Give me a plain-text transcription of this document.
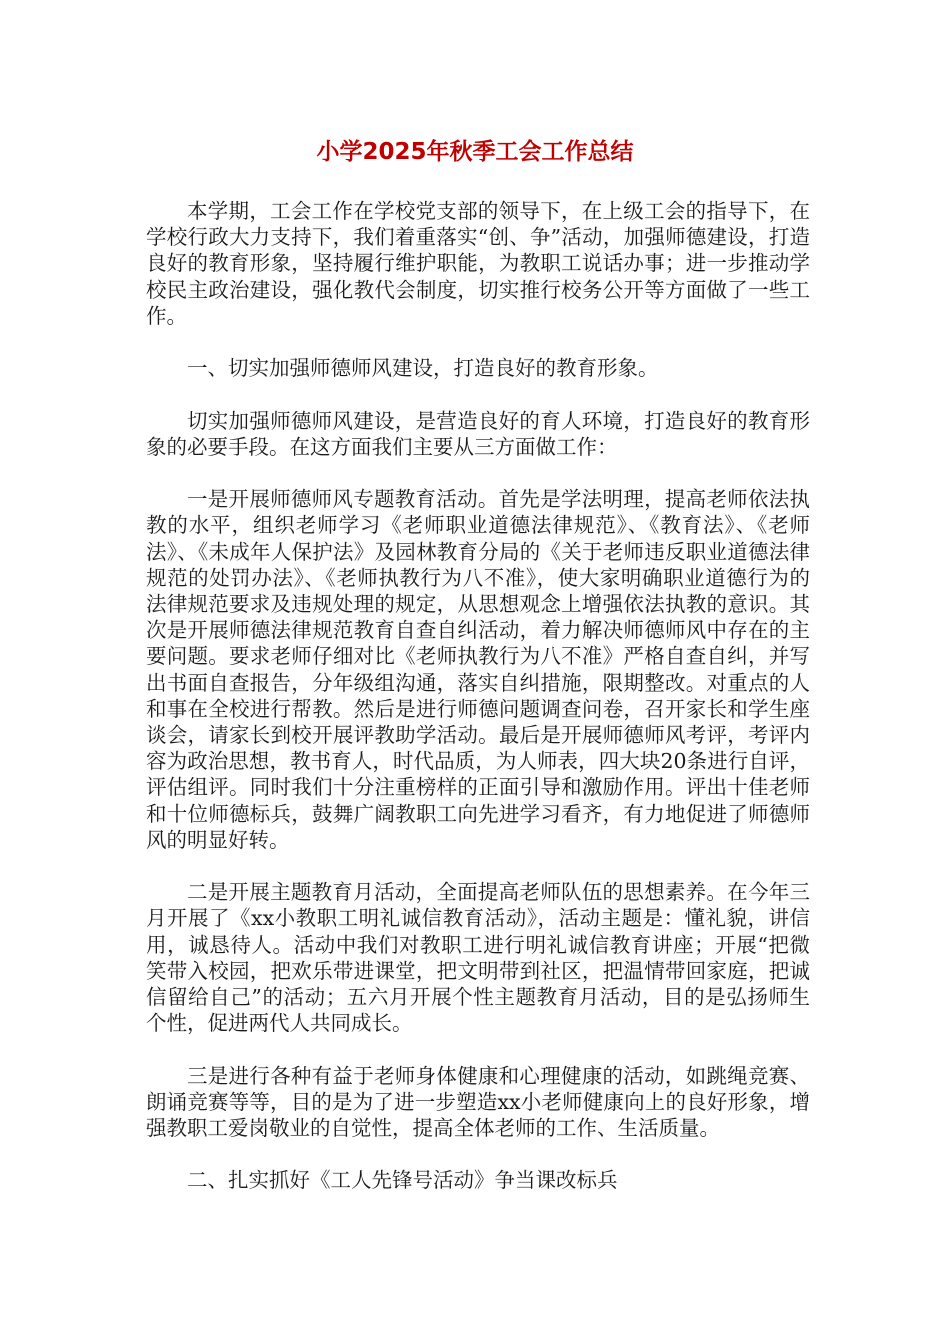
小学2025年秋季工会工作总结

本学期，工会工作在学校党支部的领导下，在上级工会的指导下，在学校行政大力支持下，我们着重落实“创、争”活动，加强师德建设，打造良好的教育形象，坚持履行维护职能，为教职工说话办事；进一步推动学校民主政治建设，强化教代会制度，切实推行校务公开等方面做了一些工作。

一、切实加强师德师风建设，打造良好的教育形象。

切实加强师德师风建设，是营造良好的育人环境，打造良好的教育形象的必要手段。在这方面我们主要从三方面做工作：

一是开展师德师风专题教育活动。首先是学法明理，提高老师依法执教的水平，组织老师学习《老师职业道德法律规范》、《教育法》、《老师法》、《未成年人保护法》及园林教育分局的《关于老师违反职业道德法律规范的处罚办法》、《老师执教行为八不准》，使大家明确职业道德行为的法律规范要求及违规处理的规定，从思想观念上增强依法执教的意识。其次是开展师德法律规范教育自查自纠活动，着力解决师德师风中存在的主要问题。要求老师仔细对比《老师执教行为八不准》严格自查自纠，并写出书面自查报告，分年级组沟通，落实自纠措施，限期整改。对重点的人和事在全校进行帮教。然后是进行师德问题调查问卷，召开家长和学生座谈会，请家长到校开展评教助学活动。最后是开展师德师风考评，考评内容为政治思想，教书育人，时代品质，为人师表，四大块20条进行自评，评估组评。同时我们十分注重榜样的正面引导和激励作用。评出十佳老师和十位师德标兵，鼓舞广阔教职工向先进学习看齐，有力地促进了师德师风的明显好转。

二是开展主题教育月活动，全面提高老师队伍的思想素养。在今年三月开展了《xx小教职工明礼诚信教育活动》，活动主题是：懂礼貌，讲信用，诚恳待人。活动中我们对教职工进行明礼诚信教育讲座；开展“把微笑带入校园，把欢乐带进课堂，把文明带到社区，把温情带回家庭，把诚信留给自己”的活动；五六月开展个性主题教育月活动，目的是弘扬师生个性，促进两代人共同成长。

三是进行各种有益于老师身体健康和心理健康的活动，如跳绳竞赛、朗诵竞赛等等，目的是为了进一步塑造xx小老师健康向上的良好形象，增强教职工爱岗敬业的自觉性，提高全体老师的工作、生活质量。

二、扎实抓好《工人先锋号活动》争当课改标兵
